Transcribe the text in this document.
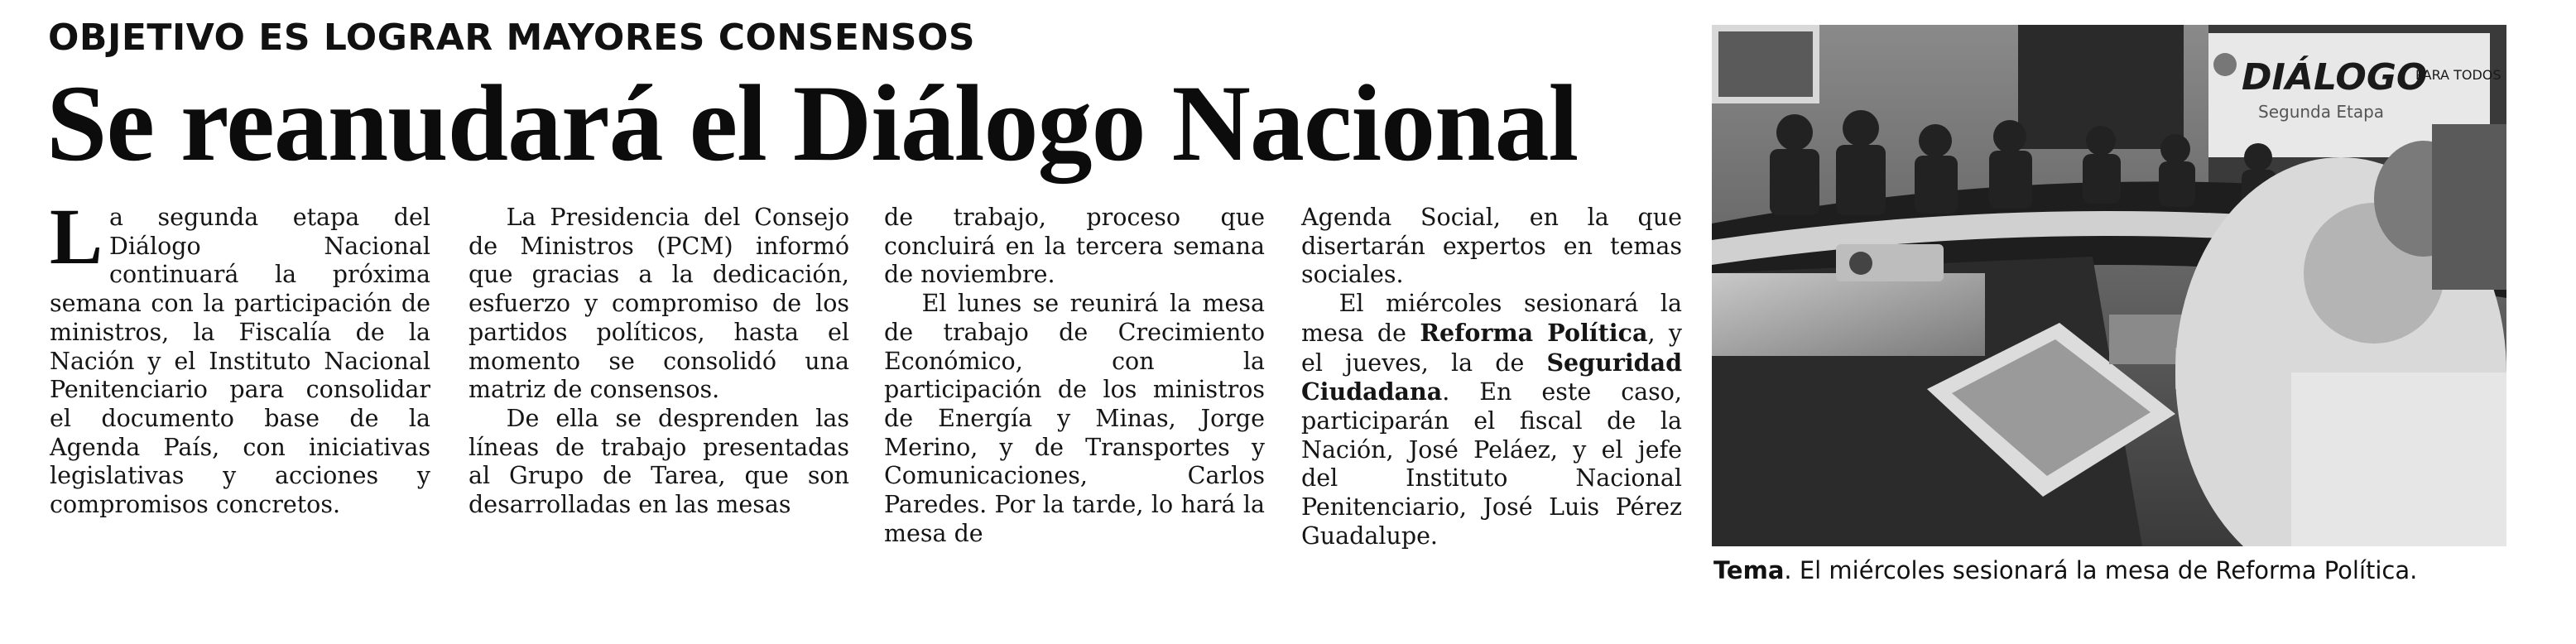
OBJETIVO ES LOGRAR MAYORES CONSENSOS
Se reanudará el Diálogo Nacional

La segunda etapa del Diálogo Nacional continuará la próxima semana con la participación de ministros, la Fiscalía de la Nación y el Instituto Nacional Penitenciario para consolidar el documento base de la Agenda País, con iniciativas legislativas y acciones y compromisos concretos.

La Presidencia del Consejo de Ministros (PCM) informó que gracias a la dedicación, esfuerzo y compromiso de los partidos políticos, hasta el momento se consolidó una matriz de consensos.

De ella se desprenden las líneas de trabajo presentadas al Grupo de Tarea, que son desarrolladas en las mesas

de trabajo, proceso que concluirá en la tercera semana de noviembre.

El lunes se reunirá la mesa de trabajo de Crecimiento Económico, con la participación de los ministros de Energía y Minas, Jorge Merino, y de Transportes y Comunicaciones, Carlos Paredes. Por la tarde, lo hará la mesa de

Agenda Social, en la que disertarán expertos en temas sociales.

El miércoles sesionará la mesa de Reforma Política, y el jueves, la de Seguridad Ciudadana. En este caso, participarán el fiscal de la Nación, José Peláez, y el jefe del Instituto Nacional Penitenciario, José Luis Pérez Guadalupe.

DIÁLOGO
PARA TODOS
Segunda Etapa
Tema. El miércoles sesionará la mesa de Reforma Política.
